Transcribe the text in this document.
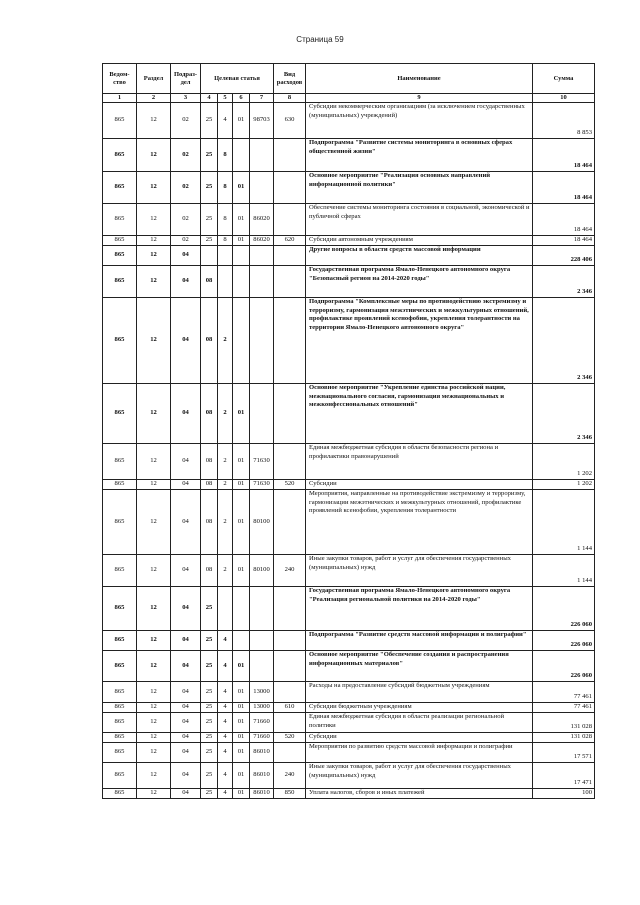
Страница 59
Ведом-ство	Раздел	Подраз-дел	Целевая статья				Вид расходов	Наименование	Сумма
1	2	3	4	5	6	7	8	9	10
865	12	02	25	4	01	98703	630	Субсидии некоммерческим организациям (за исключением государственных (муниципальных) учреждений)	8 853
865	12	02	25	8				Подпрограмма "Развитие системы мониторинга в основных сферах общественной жизни"	18 464
865	12	02	25	8	01			Основное мероприятие "Реализация основных направлений информационной политики"	18 464
865	12	02	25	8	01	86020		Обеспечение системы мониторинга состояния в социальной, экономической и публичной сферах	18 464
865	12	02	25	8	01	86020	620	Субсидии автономным учреждениям	18 464
865	12	04						Другие вопросы в области средств массовой информации	228 406
865	12	04	08					Государственная программа Ямало-Ненецкого автономного округа "Безопасный регион на 2014-2020 годы"	2 346
865	12	04	08	2				Подпрограмма "Комплексные меры по противодействию экстремизму и терроризму, гармонизация межэтнических и межкультурных отношений, профилактике проявлений ксенофобии, укрепления толерантности на территории Ямало-Ненецкого автономного округа"	2 346
865	12	04	08	2	01			Основное мероприятие "Укрепление единства российской нации, межнационального согласия, гармонизация межнациональных и межконфессиональных отношений"	2 346
865	12	04	08	2	01	71630		Единая межбюджетная субсидия в области безопасности региона и профилактики правонарушений	1 202
865	12	04	08	2	01	71630	520	Субсидии	1 202
865	12	04	08	2	01	80100		Мероприятия, направленные на противодействие экстремизму и терроризму, гармонизации межэтнических и межкультурных отношений, профилактике проявлений ксенофобии, укрепления толерантности	1 144
865	12	04	08	2	01	80100	240	Иные закупки товаров, работ и услуг для обеспечения государственных (муниципальных) нужд	1 144
865	12	04	25					Государственная программа Ямало-Ненецкого автономного округа "Реализация региональной политики на 2014-2020 годы"	226 060
865	12	04	25	4				Подпрограмма "Развитие средств массовой информации и полиграфии"	226 060
865	12	04	25	4	01			Основное мероприятие "Обеспечение создания и распространения информационных материалов"	226 060
865	12	04	25	4	01	13000		Расходы на предоставление субсидий бюджетным учреждениям	77 461
865	12	04	25	4	01	13000	610	Субсидии бюджетным учреждениям	77 461
865	12	04	25	4	01	71660		Единая межбюджетная субсидия в области реализации региональной политики	131 028
865	12	04	25	4	01	71660	520	Субсидии	131 028
865	12	04	25	4	01	86010		Мероприятия по развитию средств массовой информации и полиграфии	17 571
865	12	04	25	4	01	86010	240	Иные закупки товаров, работ и услуг для обеспечения государственных (муниципальных) нужд	17 471
865	12	04	25	4	01	86010	850	Уплата налогов, сборов и иных платежей	100
